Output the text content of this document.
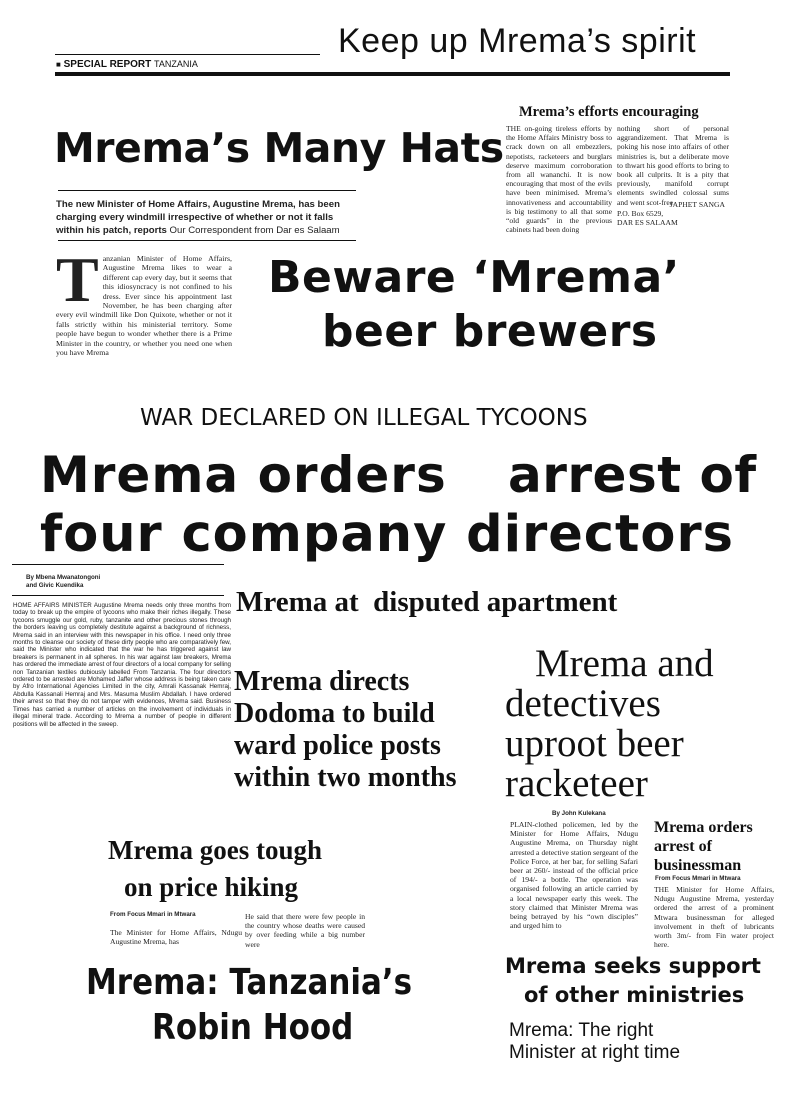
■ SPECIAL REPORT TANZANIA
Keep up Mrema’s spirit
Mrema’s Many Hats
The new Minister of Home Affairs, Augustine Mrema, has been charging every windmill irrespective of whether or not it falls within his patch, reports Our Correspondent from Dar es Salaam
T anzanian Minister of Home Affairs, Augustine Mrema likes to wear a different cap every day, but it seems that this idiosyncracy is not confined to his dress. Ever since his appointment last November, he has been charging after every evil windmill like Don Quixote, whether or not it falls strictly within his ministerial territory. Some people have begun to wonder whether there is a Prime Minister in the country, or whether you need one when you have Mrema
Mrema’s efforts encouraging
THE on-going tireless efforts by the Home Affairs Ministry boss to crack down on all embezzlers, nepotists, racketeers and burglars deserve maximum corroboration from all wananchi. It is now encouraging that most of the evils have been minimised. Mrema’s innovativeness and accountability is big testimony to all that some “old guards” in the previous cabinets had been doing
nothing short of personal aggrandizement. That Mrema is poking his nose into affairs of other ministries is, but a deliberate move to thwart his good efforts to bring to book all culprits. It is a pity that previously, manifold corrupt elements swindled colossal sums and went scot-free.
JAPHET SANGA
P.O. Box 6529,
DAR ES SALAAM
Beware ‘Mrema’
beer brewers
WAR DECLARED ON ILLEGAL TYCOONS
Mrema orders arrest of
four company directors
By Mbena Mwanatongoni
and Givic Kuendika
HOME AFFAIRS MINISTER Augustine Mrema needs only three months from today to break up the empire of tycoons who make their riches illegally. These tycoons smuggle our gold, ruby, tanzanite and other precious stones through the borders leaving us completely destitute against a background of richness, Mrema said in an interview with this newspaper in his office. I need only three months to cleanse our society of these dirty people who are comparatively few, said the Minister who indicated that the war he has triggered against law breakers is permanent in all spheres. In his war against law breakers, Mrema has ordered the immediate arrest of four directors of a local company for selling non Tanzanian textiles dubiously labelled From Tanzania. The four directors ordered to be arrested are Mohamed Jaffer whose address is being taken care by Afro International Agencies Limited in the city, Amrali Kassanak Hemraj, Abdulla Kassanali Hemraj and Mrs. Masuma Muslim Abdallah. I have ordered their arrest so that they do not tamper with evidences, Mrema said. Business Times has carried a number of articles on the involvement of individuals in illegal mineral trade. According to Mrema a number of people in different positions will be affected in the sweep.
Mrema at  disputed apartment
Mrema directs
Dodoma to build
ward police posts
within two months
Mrema and
detectives
uproot beer
racketeer
By John Kulekana
PLAIN-clothed policemen, led by the Minister for Home Affairs, Ndugu Augustine Mrema, on Thursday night arrested a detective station sergeant of the Police Force, at her bar, for selling Safari beer at 260/- instead of the official price of 194/- a bottle. The operation was organised following an article carried by a local newspaper early this week. The story claimed that Minister Mrema was being betrayed by his “own disciples” and urged him to
Mrema orders
arrest of
businessman
From Focus Mmari in Mtwara
THE Minister for Home Affairs, Ndugu Augustine Mrema, yesterday ordered the arrest of a prominent Mtwara businessman for alleged involvement in theft of lubricants worth 3m/- from Fin water project here.
Mrema goes tough
on price hiking
From Focus Mmari in Mtwara
The Minister for Home Affairs, Ndugu Augustine Mrema, has
He said that there were few people in the country whose deaths were caused by over feeding while a big number were
Mrema: Tanzania’s
Robin Hood
Mrema seeks support
of other ministries
Mrema: The right
Minister at right time
